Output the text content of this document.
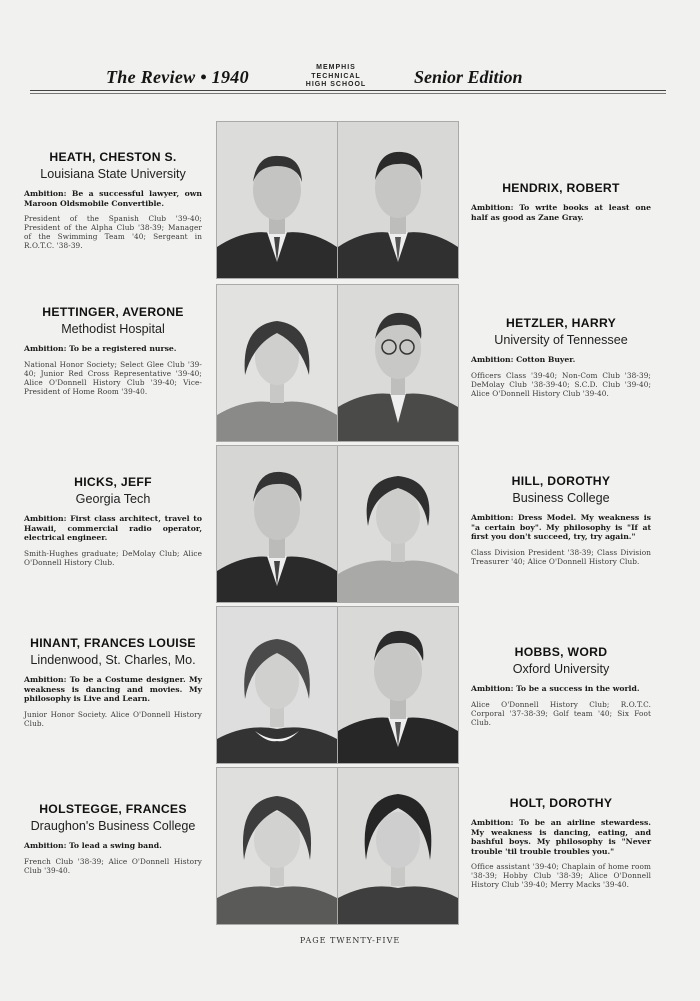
The Review • 1940	MEMPHIS
TECHNICAL
HIGH SCHOOL	Senior Edition
HEATH, CHESTON S.
Louisiana State University
Ambition: Be a successful lawyer, own Maroon Oldsmobile Convertible.
President of the Spanish Club '39-40; President of the Alpha Club '38-39; Manager of the Swimming Team '40; Sergeant in R.O.T.C. '38-39.
HENDRIX, ROBERT
Ambition: To write books at least one half as good as Zane Gray.
HETTINGER, AVERONE
Methodist Hospital
Ambition: To be a registered nurse.
National Honor Society; Select Glee Club '39-40; Junior Red Cross Representative '39-40; Alice O'Donnell History Club '39-40; Vice-President of Home Room '39-40.
HETZLER, HARRY
University of Tennessee
Ambition: Cotton Buyer.
Officers Class '39-40; Non-Com Club '38-39; DeMolay Club '38-39-40; S.C.D. Club '39-40; Alice O'Donnell History Club '39-40.
HICKS, JEFF
Georgia Tech
Ambition: First class architect, travel to Hawaii, commercial radio operator, electrical engineer.
Smith-Hughes graduate; DeMolay Club; Alice O'Donnell History Club.
HILL, DOROTHY
Business College
Ambition: Dress Model. My weakness is "a certain boy". My philosophy is "If at first you don't succeed, try, try again."
Class Division President '38-39; Class Division Treasurer '40; Alice O'Donnell History Club.
HINANT, FRANCES LOUISE
Lindenwood, St. Charles, Mo.
Ambition: To be a Costume designer. My weakness is dancing and movies. My philosophy is Live and Learn.
Junior Honor Society. Alice O'Donnell History Club.
HOBBS, WORD
Oxford University
Ambition: To be a success in the world.
Alice O'Donnell History Club; R.O.T.C. Corporal '37-38-39; Golf team '40; Six Foot Club.
HOLSTEGGE, FRANCES
Draughon's Business College
Ambition: To lead a swing band.
French Club '38-39; Alice O'Donnell History Club '39-40.
HOLT, DOROTHY
Ambition: To be an airline stewardess. My weakness is dancing, eating, and bashful boys. My philosophy is "Never trouble 'til trouble troubles you."
Office assistant '39-40; Chaplain of home room '38-39; Hobby Club '38-39; Alice O'Donnell History Club '39-40; Merry Macks '39-40.
PAGE TWENTY-FIVE
